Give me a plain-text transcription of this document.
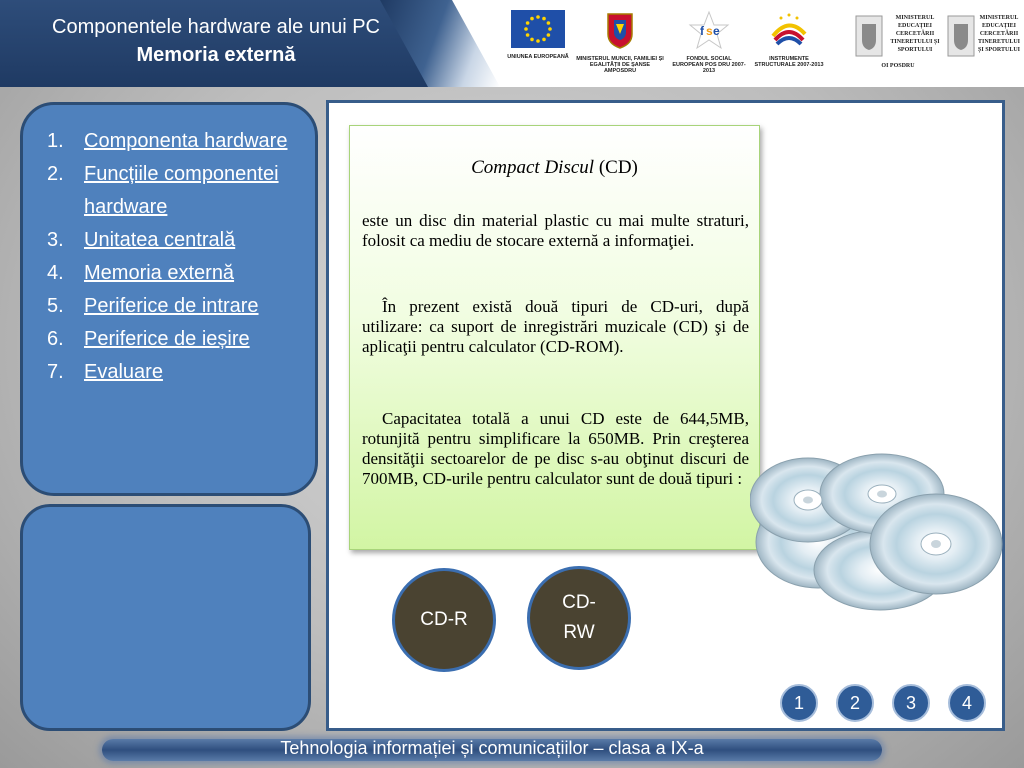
Componentele hardware ale unui PC
Memoria externă	UNIUNEA EUROPEANĂ	MINISTERUL MUNCII, FAMILIEI ȘI EGALITĂȚII DE ȘANSE AMPOSDRU
f s e
FONDUL SOCIAL EUROPEAN POS DRU 2007-2013
INSTRUMENTE STRUCTURALE 2007-2013
MINISTERUL EDUCAȚIEI CERCETĂRII TINERETULUI ȘI SPORTULUI
OI POSDRU
MINISTERUL EDUCAȚIEI CERCETĂRII TINERETULUI ȘI SPORTULUI
1. Componenta hardware
2. Funcțiile componentei hardware
3. Unitatea centrală
4. Memoria externă
5. Periferice de intrare
6. Periferice de ieșire
7. Evaluare
Compact Discul (CD)
este un disc din material plastic cu mai multe straturi, folosit ca mediu de stocare externă a informaţiei.
În prezent există două tipuri de CD-uri, după utilizare: ca suport de inregistrări muzicale (CD) şi de aplicaţii pentru calculator (CD-ROM).
Capacitatea totală a unui CD este de 644,5MB, rotunjită pentru simplificare la 650MB. Prin creşterea densităţii sectoarelor de pe disc s-au obţinut discuri de 700MB, CD-urile pentru calculator sunt de două tipuri :
CD-R
CD-RW
1	2	3	4
Tehnologia informației și comunicațiilor – clasa a IX-a
